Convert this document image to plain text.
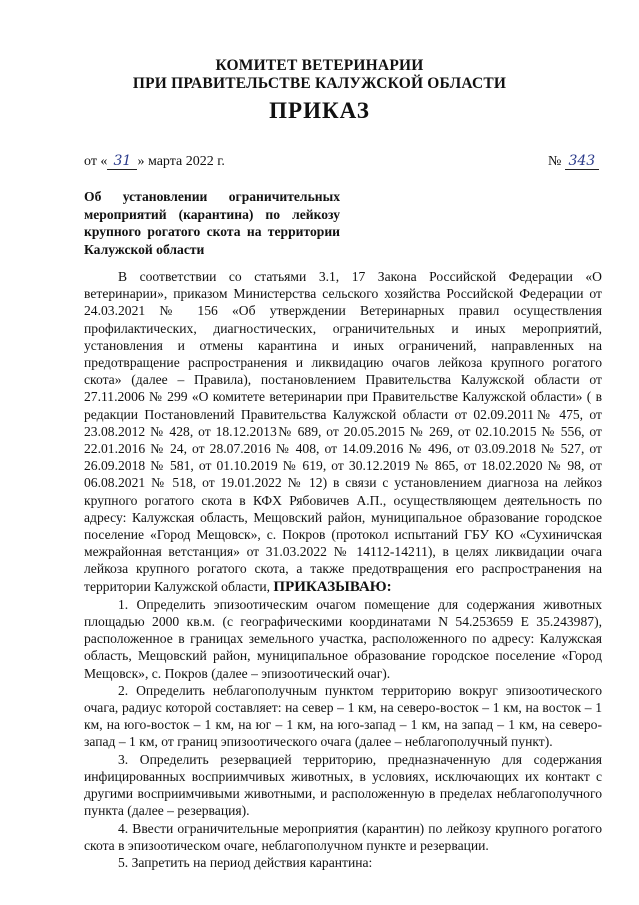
КОМИТЕТ ВЕТЕРИНАРИИ
ПРИ ПРАВИТЕЛЬСТВЕ КАЛУЖСКОЙ ОБЛАСТИ
ПРИКАЗ
от « 31 » марта 2022 г.	№ 343
Об установлении ограничительных мероприятий (карантина) по лейкозу крупного рогатого скота на территории Калужской области

В соответствии со статьями 3.1, 17 Закона Российской Федерации «О ветеринарии», приказом Министерства сельского хозяйства Российской Федерации от 24.03.2021 № 156 «Об утверждении Ветеринарных правил осуществления профилактических, диагностических, ограничительных и иных мероприятий, установления и отмены карантина и иных ограничений, направленных на предотвращение распространения и ликвидацию очагов лейкоза крупного рогатого скота» (далее – Правила), постановлением Правительства Калужской области от 27.11.2006 № 299 «О комитете ветеринарии при Правительстве Калужской области» ( в редакции Постановлений Правительства Калужской области от 02.09.2011№ 475, от 23.08.2012 № 428, от 18.12.2013№ 689, от 20.05.2015 № 269, от 02.10.2015 № 556, от 22.01.2016 № 24, от 28.07.2016 № 408, от 14.09.2016 № 496, от 03.09.2018 № 527, от 26.09.2018 № 581, от 01.10.2019 № 619, от 30.12.2019 № 865, от 18.02.2020 № 98, от 06.08.2021 № 518, от 19.01.2022 № 12) в связи с установлением диагноза на лейкоз крупного рогатого скота в КФХ Рябовичев А.П., осуществляющем деятельность по адресу: Калужская область, Мещовский район, муниципальное образование городское поселение «Город Мещовск», с. Покров (протокол испытаний ГБУ КО «Сухиничская межрайонная ветстанция» от 31.03.2022 № 14112-14211), в целях ликвидации очага лейкоза крупного рогатого скота, а также предотвращения его распространения на территории Калужской области, ПРИКАЗЫВАЮ:

1. Определить эпизоотическим очагом помещение для содержания животных площадью 2000 кв.м. (с географическими координатами N 54.253659 E 35.243987), расположенное в границах земельного участка, расположенного по адресу: Калужская область, Мещовский район, муниципальное образование городское поселение «Город Мещовск», с. Покров (далее – эпизоотический очаг).

2. Определить неблагополучным пунктом территорию вокруг эпизоотического очага, радиус которой составляет: на север – 1 км, на северо-восток – 1 км, на восток – 1 км, на юго-восток – 1 км, на юг – 1 км, на юго-запад – 1 км, на запад – 1 км, на северо-запад – 1 км, от границ эпизоотического очага (далее – неблагополучный пункт).

3. Определить резервацией территорию, предназначенную для содержания инфицированных восприимчивых животных, в условиях, исключающих их контакт с другими восприимчивыми животными, и расположенную в пределах неблагополучного пункта (далее – резервация).

4. Ввести ограничительные мероприятия (карантин) по лейкозу крупного рогатого скота в эпизоотическом очаге, неблагополучном пункте и резервации.

5. Запретить на период действия карантина:
